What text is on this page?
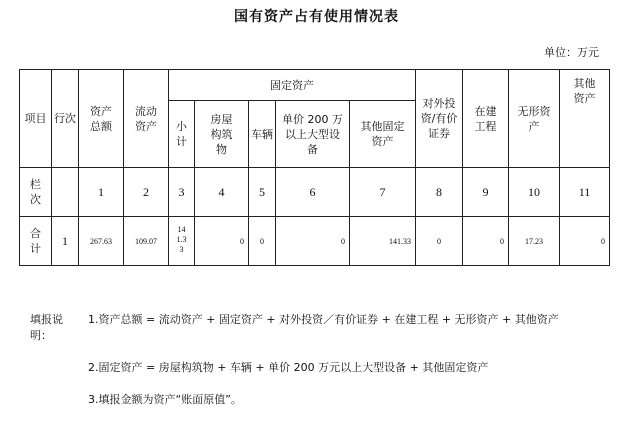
国有资产占有使用情况表
单位：万元
项目	行次	资产总额	流动资产	固定资产					对外投资/有价证券	在建工程	无形资产	其他资产
				小计	房屋构筑物	车辆	单价 200 万以上大型设备	其他固定资产				
栏次		1	2	3	4	5	6	7	8	9	10	11
合计	1	267.63	109.07	141.33	0	0	0	141.33	0	0	17.23	0
填报说明：
1.资产总额 = 流动资产 + 固定资产 + 对外投资／有价证券 + 在建工程 + 无形资产 + 其他资产
2.固定资产 = 房屋构筑物 + 车辆 + 单价 200 万元以上大型设备 + 其他固定资产
3.填报金额为资产“账面原值”。
